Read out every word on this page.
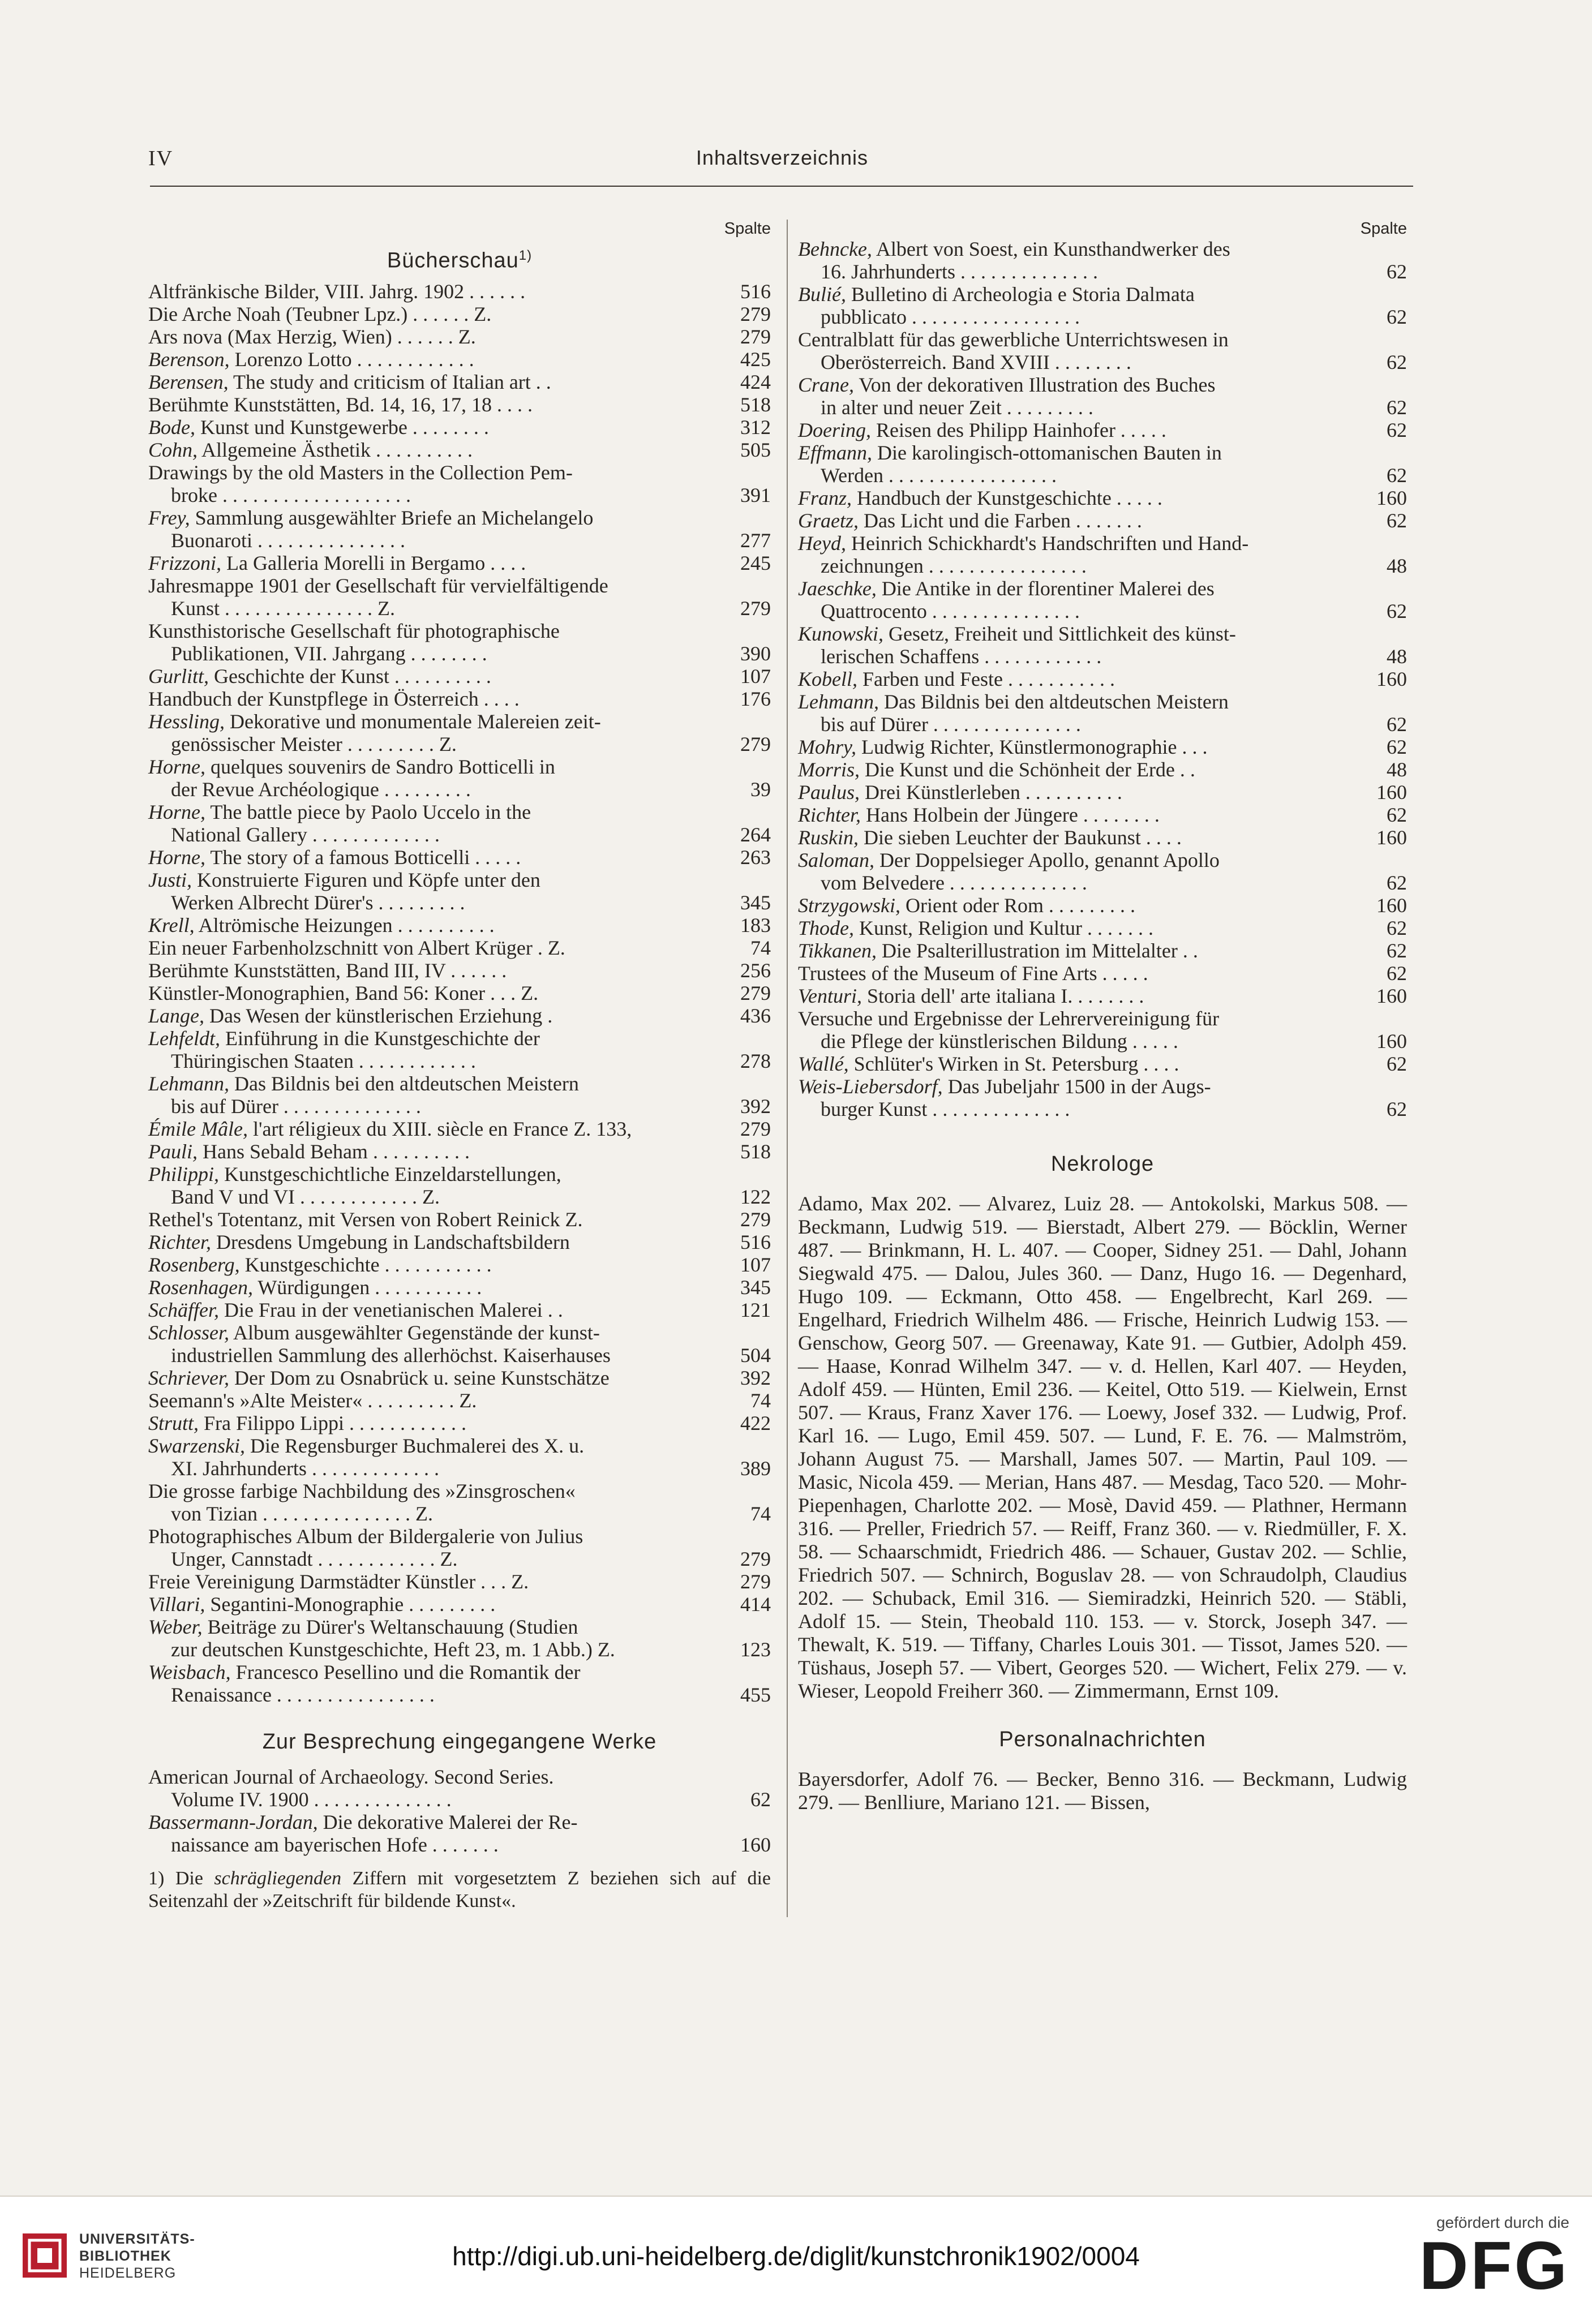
IV	Inhaltsverzeichnis
Spalte
Bücherschau$^{1)}$
Altfränkische Bilder, VIII. Jahrg. 1902 . . . . . .	516
Die Arche Noah (Teubner Lpz.) . . . . . . Z.	279
Ars nova (Max Herzig, Wien) . . . . . . Z.	279
Berenson, Lorenzo Lotto . . . . . . . . . . . .	425
Berensen, The study and criticism of Italian art . .	424
Berühmte Kunststätten, Bd. 14, 16, 17, 18 . . . .	518
Bode, Kunst und Kunstgewerbe . . . . . . . .	312
Cohn, Allgemeine Ästhetik . . . . . . . . . .	505
Drawings by the old Masters in the Collection Pem-
broke . . . . . . . . . . . . . . . . . . .	391
Frey, Sammlung ausgewählter Briefe an Michelangelo
Buonaroti . . . . . . . . . . . . . . .	277
Frizzoni, La Galleria Morelli in Bergamo . . . .	245
Jahresmappe 1901 der Gesellschaft für vervielfältigende
Kunst . . . . . . . . . . . . . . . Z.	279
Kunsthistorische Gesellschaft für photographische
Publikationen, VII. Jahrgang . . . . . . . .	390
Gurlitt, Geschichte der Kunst . . . . . . . . . .	107
Handbuch der Kunstpflege in Österreich . . . .	176
Hessling, Dekorative und monumentale Malereien zeit-
genössischer Meister . . . . . . . . . Z.	279
Horne, quelques souvenirs de Sandro Botticelli in
der Revue Archéologique . . . . . . . . .	39
Horne, The battle piece by Paolo Uccelo in the
National Gallery . . . . . . . . . . . . .	264
Horne, The story of a famous Botticelli . . . . .	263
Justi, Konstruierte Figuren und Köpfe unter den
Werken Albrecht Dürer's . . . . . . . . .	345
Krell, Altrömische Heizungen . . . . . . . . . .	183
Ein neuer Farbenholzschnitt von Albert Krüger . Z.	74
Berühmte Kunststätten, Band III, IV . . . . . .	256
Künstler-Monographien, Band 56: Koner . . . Z.	279
Lange, Das Wesen der künstlerischen Erziehung .	436
Lehfeldt, Einführung in die Kunstgeschichte der
Thüringischen Staaten . . . . . . . . . . . .	278
Lehmann, Das Bildnis bei den altdeutschen Meistern
bis auf Dürer . . . . . . . . . . . . . .	392
Émile Mâle, l'art réligieux du XIII. siècle en France Z. 133,	279
Pauli, Hans Sebald Beham . . . . . . . . . .	518
Philippi, Kunstgeschichtliche Einzeldarstellungen,
Band V und VI . . . . . . . . . . . . Z.	122
Rethel's Totentanz, mit Versen von Robert Reinick Z.	279
Richter, Dresdens Umgebung in Landschaftsbildern	516
Rosenberg, Kunstgeschichte . . . . . . . . . . .	107
Rosenhagen, Würdigungen . . . . . . . . . . .	345
Schäffer, Die Frau in der venetianischen Malerei . .	121
Schlosser, Album ausgewählter Gegenstände der kunst-
industriellen Sammlung des allerhöchst. Kaiserhauses	504
Schriever, Der Dom zu Osnabrück u. seine Kunstschätze	392
Seemann's »Alte Meister« . . . . . . . . . Z.	74
Strutt, Fra Filippo Lippi . . . . . . . . . . . .	422
Swarzenski, Die Regensburger Buchmalerei des X. u.
XI. Jahrhunderts . . . . . . . . . . . . .	389
Die grosse farbige Nachbildung des »Zinsgroschen«
von Tizian . . . . . . . . . . . . . . . Z.	74
Photographisches Album der Bildergalerie von Julius
Unger, Cannstadt . . . . . . . . . . . . Z.	279
Freie Vereinigung Darmstädter Künstler . . . Z.	279
Villari, Segantini-Monographie . . . . . . . . .	414
Weber, Beiträge zu Dürer's Weltanschauung (Studien
zur deutschen Kunstgeschichte, Heft 23, m. 1 Abb.) Z.	123
Weisbach, Francesco Pesellino und die Romantik der
Renaissance . . . . . . . . . . . . . . . .	455
Zur Besprechung eingegangene Werke
American Journal of Archaeology. Second Series.
Volume IV. 1900 . . . . . . . . . . . . . .	62
Bassermann-Jordan, Die dekorative Malerei der Re-
naissance am bayerischen Hofe . . . . . . .	160
1) Die schrägliegenden Ziffern mit vorgesetztem Z beziehen sich auf die Seitenzahl der »Zeitschrift für bildende Kunst«.
Spalte
Behncke, Albert von Soest, ein Kunsthandwerker des
16. Jahrhunderts . . . . . . . . . . . . . .	62
Bulié, Bulletino di Archeologia e Storia Dalmata
pubblicato . . . . . . . . . . . . . . . . .	62
Centralblatt für das gewerbliche Unterrichtswesen in
Oberösterreich. Band XVIII . . . . . . . .	62
Crane, Von der dekorativen Illustration des Buches
in alter und neuer Zeit . . . . . . . . .	62
Doering, Reisen des Philipp Hainhofer . . . . .	62
Effmann, Die karolingisch-ottomanischen Bauten in
Werden . . . . . . . . . . . . . . . . .	62
Franz, Handbuch der Kunstgeschichte . . . . .	160
Graetz, Das Licht und die Farben . . . . . . .	62
Heyd, Heinrich Schickhardt's Handschriften und Hand-
zeichnungen . . . . . . . . . . . . . . . .	48
Jaeschke, Die Antike in der florentiner Malerei des
Quattrocento . . . . . . . . . . . . . . .	62
Kunowski, Gesetz, Freiheit und Sittlichkeit des künst-
lerischen Schaffens . . . . . . . . . . . .	48
Kobell, Farben und Feste . . . . . . . . . . .	160
Lehmann, Das Bildnis bei den altdeutschen Meistern
bis auf Dürer . . . . . . . . . . . . . . .	62
Mohry, Ludwig Richter, Künstlermonographie . . .	62
Morris, Die Kunst und die Schönheit der Erde . .	48
Paulus, Drei Künstlerleben . . . . . . . . . .	160
Richter, Hans Holbein der Jüngere . . . . . . . .	62
Ruskin, Die sieben Leuchter der Baukunst . . . .	160
Saloman, Der Doppelsieger Apollo, genannt Apollo
vom Belvedere . . . . . . . . . . . . . .	62
Strzygowski, Orient oder Rom . . . . . . . . .	160
Thode, Kunst, Religion und Kultur . . . . . . .	62
Tikkanen, Die Psalterillustration im Mittelalter . .	62
Trustees of the Museum of Fine Arts . . . . .	62
Venturi, Storia dell' arte italiana I. . . . . . . .	160
Versuche und Ergebnisse der Lehrervereinigung für
die Pflege der künstlerischen Bildung . . . . .	160
Wallé, Schlüter's Wirken in St. Petersburg . . . .	62
Weis-Liebersdorf, Das Jubeljahr 1500 in der Augs-
burger Kunst . . . . . . . . . . . . . .	62
Nekrologe
Adamo, Max 202. — Alvarez, Luiz 28. — Antokolski, Markus 508. — Beckmann, Ludwig 519. — Bierstadt, Albert 279. — Böcklin, Werner 487. — Brinkmann, H. L. 407. — Cooper, Sidney 251. — Dahl, Johann Siegwald 475. — Dalou, Jules 360. — Danz, Hugo 16. — Degenhard, Hugo 109. — Eckmann, Otto 458. — Engelbrecht, Karl 269. — Engelhard, Friedrich Wilhelm 486. — Frische, Heinrich Ludwig 153. — Genschow, Georg 507. — Greenaway, Kate 91. — Gutbier, Adolph 459. — Haase, Konrad Wilhelm 347. — v. d. Hellen, Karl 407. — Heyden, Adolf 459. — Hünten, Emil 236. — Keitel, Otto 519. — Kielwein, Ernst 507. — Kraus, Franz Xaver 176. — Loewy, Josef 332. — Ludwig, Prof. Karl 16. — Lugo, Emil 459. 507. — Lund, F. E. 76. — Malmström, Johann August 75. — Marshall, James 507. — Martin, Paul 109. — Masic, Nicola 459. — Merian, Hans 487. — Mesdag, Taco 520. — Mohr-Piepenhagen, Charlotte 202. — Mosè, David 459. — Plathner, Hermann 316. — Preller, Friedrich 57. — Reiff, Franz 360. — v. Riedmüller, F. X. 58. — Schaarschmidt, Friedrich 486. — Schauer, Gustav 202. — Schlie, Friedrich 507. — Schnirch, Boguslav 28. — von Schraudolph, Claudius 202. — Schuback, Emil 316. — Siemiradzki, Heinrich 520. — Stäbli, Adolf 15. — Stein, Theobald 110. 153. — v. Storck, Joseph 347. — Thewalt, K. 519. — Tiffany, Charles Louis 301. — Tissot, James 520. — Tüshaus, Joseph 57. — Vibert, Georges 520. — Wichert, Felix 279. — v. Wieser, Leopold Freiherr 360. — Zimmermann, Ernst 109.
Personalnachrichten
Bayersdorfer, Adolf 76. — Becker, Benno 316. — Beckmann, Ludwig 279. — Benlliure, Mariano 121. — Bissen,
UNIVERSITÄTS-
BIBLIOTHEK
HEIDELBERG
http://digi.ub.uni-heidelberg.de/diglit/kunstchronik1902/0004
gefördert durch die
DFG
